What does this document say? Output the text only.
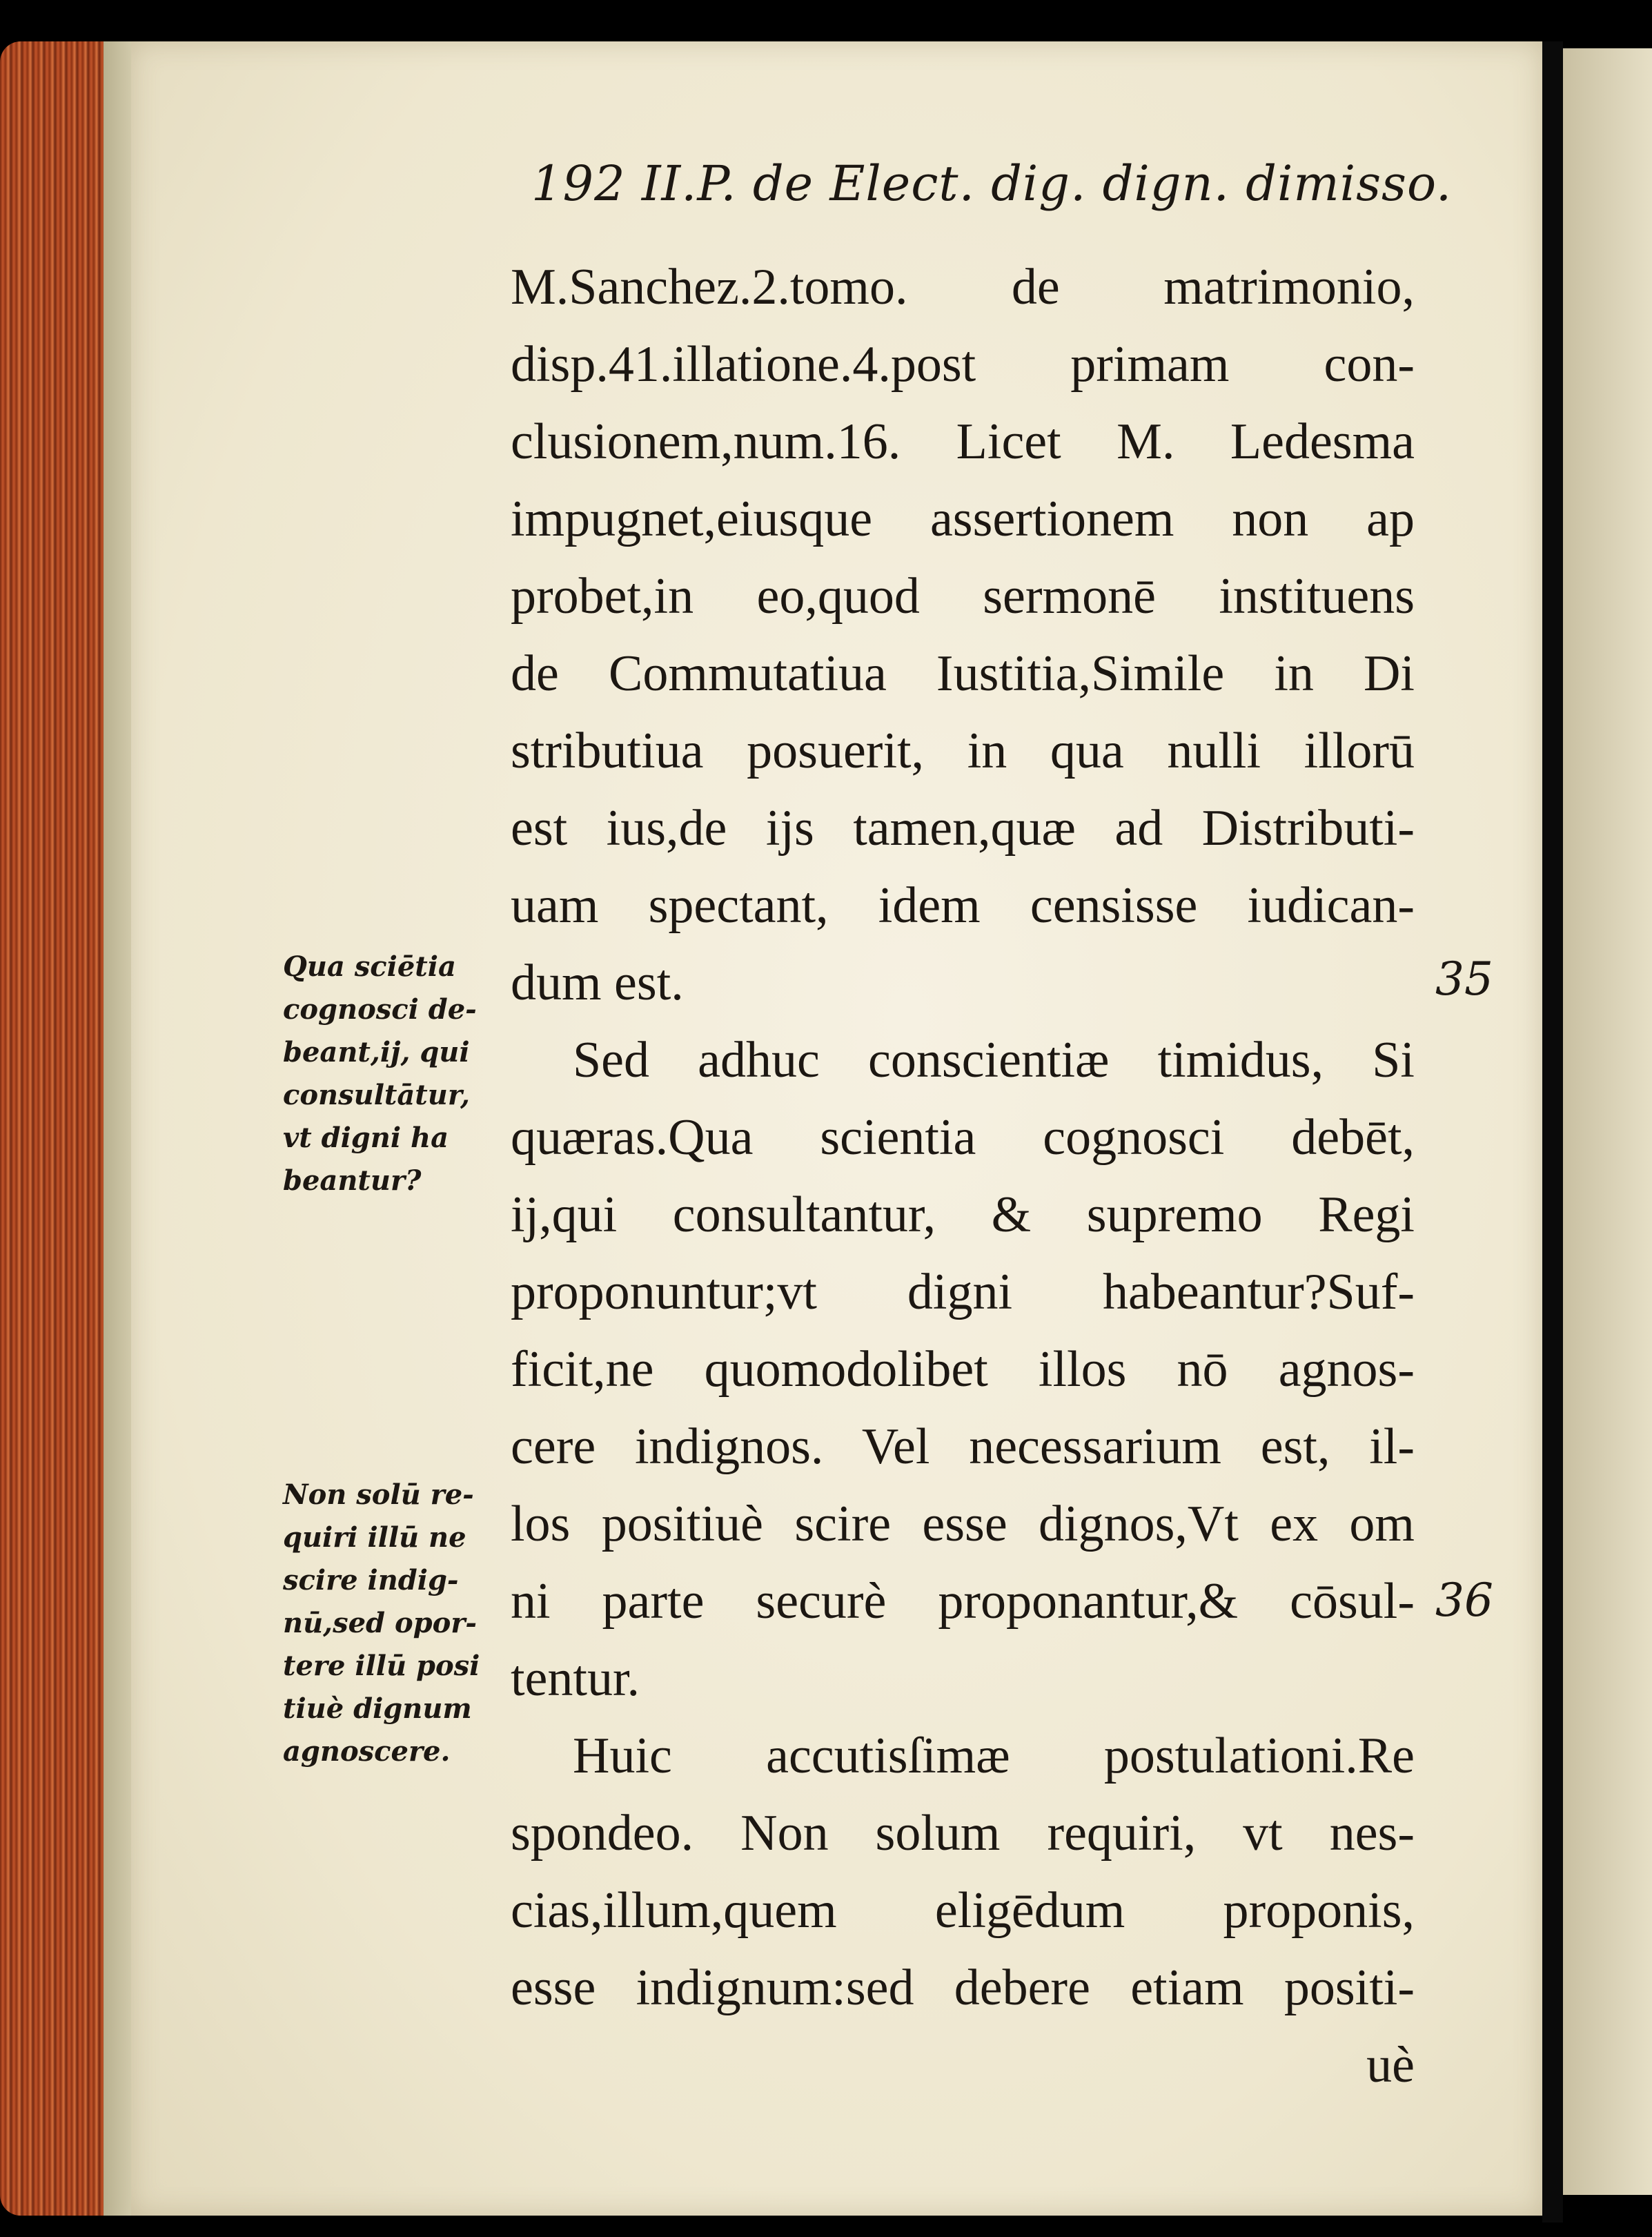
192 II.P. de Elect. dig. dign. dimisso.
M.Sanchez.2.tomo. de matrimonio,
disp.41.illatione.4.post primam con-
clusionem,num.16. Licet M. Ledesma
impugnet,eiusque assertionem non ap
probet,in eo,quod sermonē instituens
de Commutatiua Iustitia,Simile in Di
stributiua posuerit, in qua nulli illorū
est ius,de ijs tamen,quæ ad Distributi-
uam spectant, idem censisse iudican-
dum est.
Sed adhuc conscientiæ timidus, Si
quæras.Qua scientia cognosci debēt,
ij,qui consultantur, & supremo Regi
proponuntur;vt digni habeantur?Suf-
ficit,ne quomodolibet illos nō agnos-
cere indignos. Vel necessarium est, il-
los positiuè scire esse dignos,Vt ex om
ni parte securè proponantur,& cōsul-
tentur.
Huic accutisſimæ postulationi.Re
spondeo. Non solum requiri, vt nes-
cias,illum,quem eligēdum proponis,
esse indignum:sed debere etiam positi-
uè
Qua sciētia
cognosci de-
beant,ij, qui
consultātur,
vt digni ha
beantur?
Non solū re-
quiri illū ne
scire indig-
nū,sed opor-
tere illū posi
tiuè dignum
agnoscere.
35
36
